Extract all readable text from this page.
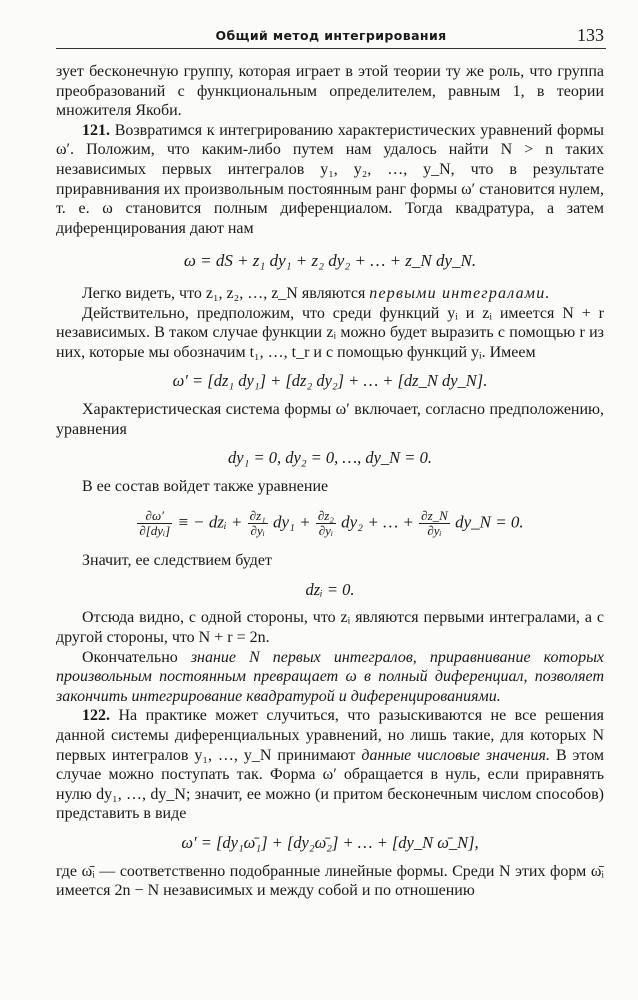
Общий метод интегрирования	133

зует бесконечную группу, которая играет в этой теории ту же роль, что группа преобразований с функциональным определителем, равным 1, в теории множителя Якоби.

121. Возвратимся к интегрированию характеристических уравнений формы ω′. Положим, что каким-либо путем нам удалось найти N > n таких независимых первых интегралов y₁, y₂, …, y_N, что в результате приравнивания их произвольным постоянным ранг формы ω′ становится нулем, т. е. ω становится полным диференциалом. Тогда квадратура, а затем диференцирования дают нам

ω = dS + z₁ dy₁ + z₂ dy₂ + … + z_N dy_N.

Легко видеть, что z₁, z₂, …, z_N являются первыми интегралами.

Действительно, предположим, что среди функций yᵢ и zᵢ имеется N + r независимых. В таком случае функции zᵢ можно будет выразить с помощью r из них, которые мы обозначим t₁, …, t_r и с помощью функций yᵢ. Имеем

ω′ = [dz₁ dy₁] + [dz₂ dy₂] + … + [dz_N dy_N].

Характеристическая система формы ω′ включает, согласно предположению, уравнения

dy₁ = 0, dy₂ = 0, …, dy_N = 0.

В ее состав войдет также уравнение

$\frac{\partial\omega'}{\text{∂[dyᵢ]}}$ ≡ − dzᵢ + $\frac{\text{∂z₁}}{\text{∂yᵢ}} dy_1 + \frac{\text{∂z₂}}{\text{∂yᵢ}} dy_2$ + … + $\frac{\partial z\_N}{\text{∂yᵢ}}$ dy_N = 0.

Значит, ее следствием будет

dzᵢ = 0.

Отсюда видно, с одной стороны, что zᵢ являются первыми интегралами, а с другой стороны, что N + r = 2n.

Окончательно знание N первых интегралов, приравнивание которых произвольным постоянным превращает ω в полный диференциал, позволяет закончить интегрирование квадратурой и диференцированиями.

122. На практике может случиться, что разыскиваются не все решения данной системы диференциальных уравнений, но лишь такие, для которых N первых интегралов y₁, …, y_N принимают данные числовые значения. В этом случае можно поступать так. Форма ω′ обращается в нуль, если приравнять нулю dy₁, …, dy_N; значит, ее можно (и притом бесконечным числом способов) представить в виде

ω′ = [dy₁ω̄₁] + [dy₂ω̄₂] + … + [dy_N ω̄_N],

где ω̄ᵢ — соответственно подобранные линейные формы. Среди N этих форм ω̄ᵢ имеется 2n − N независимых и между собой и по отношению
